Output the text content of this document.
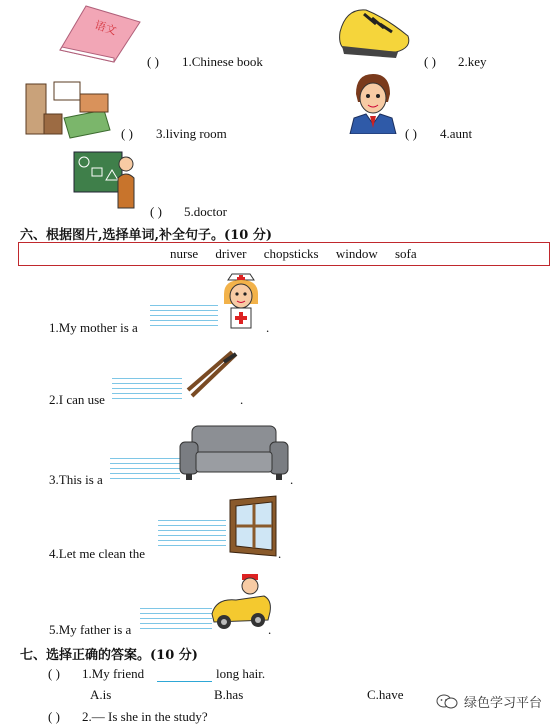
语文
( ) 1.Chinese book	( ) 2.key
( ) 3.living room	( ) 4.aunt
( ) 5.doctor
六、根据图片,选择单词,补全句子。(10 分)
nurse driver chopsticks window sofa
1.My mother is a	.
2.I can use	.
3.This is a	.
4.Let me clean the	.
5.My father is a	.
七、选择正确的答案。(10 分)
( ) 1.My friend	long hair.
A.is	B.has	C.have
( ) 2.— Is she in the study?
绿色学习平台
